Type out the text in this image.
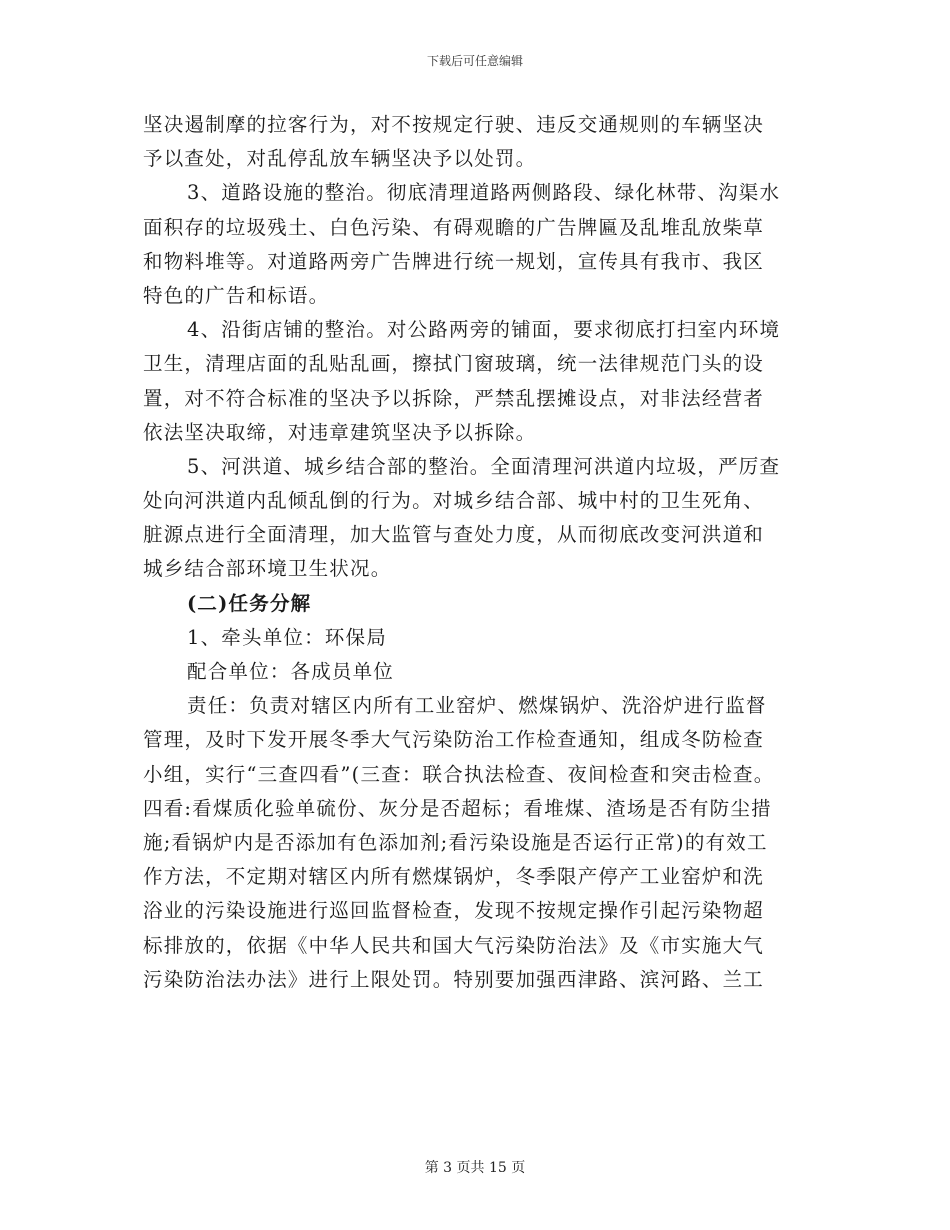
下载后可任意编辑
坚决遏制摩的拉客行为，对不按规定行驶、违反交通规则的车辆坚决
予以查处，对乱停乱放车辆坚决予以处罚。
3、道路设施的整治。彻底清理道路两侧路段、绿化林带、沟渠水
面积存的垃圾残土、白色污染、有碍观瞻的广告牌匾及乱堆乱放柴草
和物料堆等。对道路两旁广告牌进行统一规划，宣传具有我市、我区
特色的广告和标语。
4、沿街店铺的整治。对公路两旁的铺面，要求彻底打扫室内环境
卫生，清理店面的乱贴乱画，擦拭门窗玻璃，统一法律规范门头的设
置，对不符合标准的坚决予以拆除，严禁乱摆摊设点，对非法经营者
依法坚决取缔，对违章建筑坚决予以拆除。
5、河洪道、城乡结合部的整治。全面清理河洪道内垃圾，严厉查
处向河洪道内乱倾乱倒的行为。对城乡结合部、城中村的卫生死角、
脏源点进行全面清理，加大监管与查处力度，从而彻底改变河洪道和
城乡结合部环境卫生状况。
(二)任务分解
1、牵头单位：环保局
配合单位：各成员单位
责任：负责对辖区内所有工业窑炉、燃煤锅炉、洗浴炉进行监督
管理，及时下发开展冬季大气污染防治工作检查通知，组成冬防检查
小组，实行“三查四看”(三查：联合执法检查、夜间检查和突击检查。
四看:看煤质化验单硫份、灰分是否超标；看堆煤、渣场是否有防尘措
施;看锅炉内是否添加有色添加剂;看污染设施是否运行正常)的有效工
作方法，不定期对辖区内所有燃煤锅炉，冬季限产停产工业窑炉和洗
浴业的污染设施进行巡回监督检查，发现不按规定操作引起污染物超
标排放的，依据《中华人民共和国大气污染防治法》及《市实施大气
污染防治法办法》进行上限处罚。特别要加强西津路、滨河路、兰工
第 3 页共 15 页
